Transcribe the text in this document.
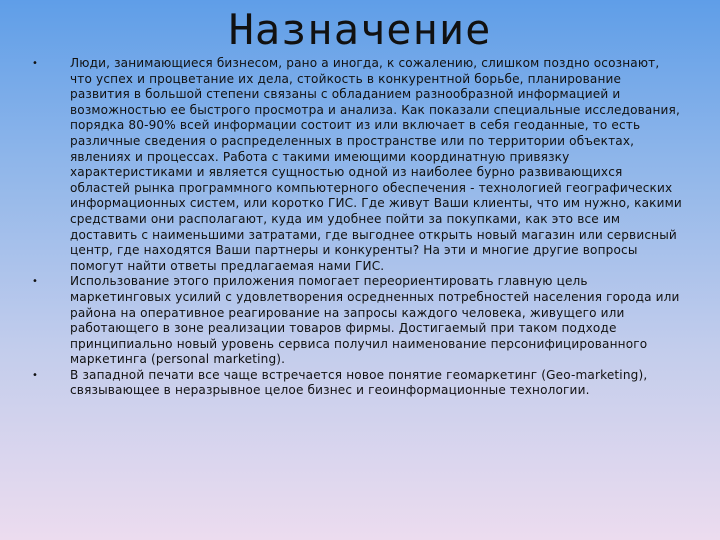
Назначение
•	Люди, занимающиеся бизнесом, рано а иногда, к сожалению, слишком поздно осознают, что успех и процветание их дела, стойкость в конкурентной борьбе, планирование развития в большой степени связаны с обладанием разнообразной информацией и возможностью ее быстрого просмотра и анализа. Как показали специальные исследования, порядка 80-90% всей информации состоит из или включает в себя геоданные, то есть различные сведения о распределенных в пространстве или по территории объектах, явлениях и процессах. Работа с такими имеющими координатную привязку характеристиками и является сущностью одной из наиболее бурно развивающихся областей рынка программного компьютерного обеспечения - технологией географических информационных систем, или коротко ГИС. Где живут Ваши клиенты, что им нужно, какими средствами они располагают, куда им удобнее пойти за покупками, как это все им доставить с наименьшими затратами, где выгоднее открыть новый магазин или сервисный центр, где находятся Ваши партнеры и конкуренты? На эти и многие другие вопросы помогут найти ответы предлагаемая нами ГИС.
•	Использование этого приложения помогает переориентировать главную цель маркетинговых усилий с удовлетворения осредненных потребностей населения города или района на оперативное реагирование на запросы каждого человека, живущего или работающего в зоне реализации товаров фирмы. Достигаемый при таком подходе принципиально новый уровень сервиса получил наименование персонифицированного маркетинга (personal marketing).
•	В западной печати все чаще встречается новое понятие геомаркетинг (Geo-marketing), связывающее в неразрывное целое бизнес и геоинформационные технологии.
